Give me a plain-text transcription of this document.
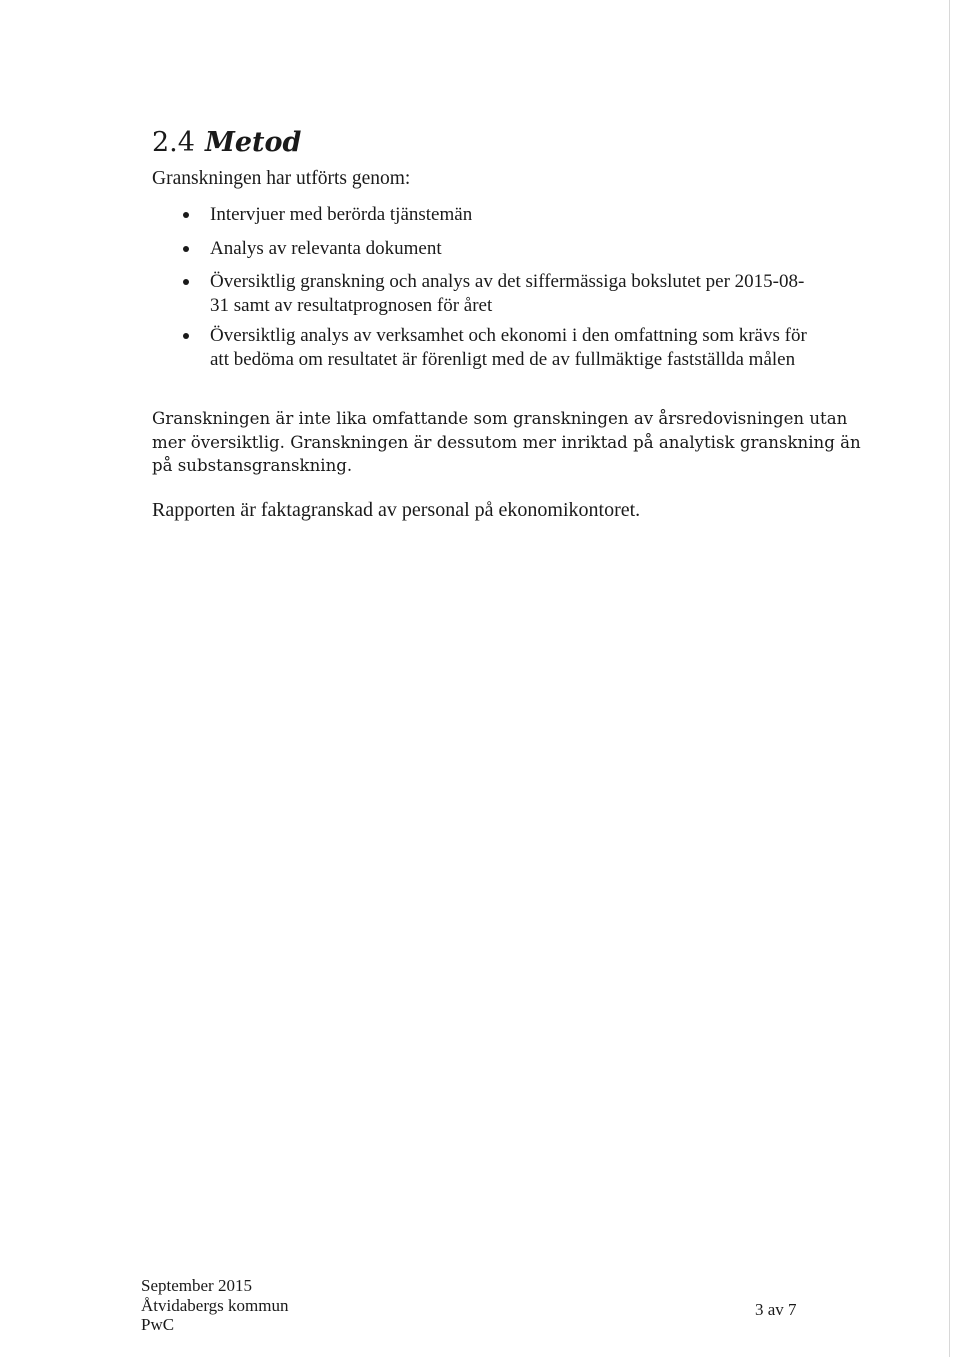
2.4 Metod

Granskningen har utförts genom:

Intervjuer med berörda tjänstemän
Analys av relevanta dokument
Översiktlig granskning och analys av det siffermässiga bokslutet per 2015-08-31 samt av resultatprognosen för året
Översiktlig analys av verksamhet och ekonomi i den omfattning som krävs för att bedöma om resultatet är förenligt med de av fullmäktige fastställda målen

Granskningen är inte lika omfattande som granskningen av årsredovisningen utan
mer översiktlig. Granskningen är dessutom mer inriktad på analytisk granskning än
på substansgranskning.

Rapporten är faktagranskad av personal på ekonomikontoret.

September 2015
Åtvidabergs kommun
PwC
3 av 7
